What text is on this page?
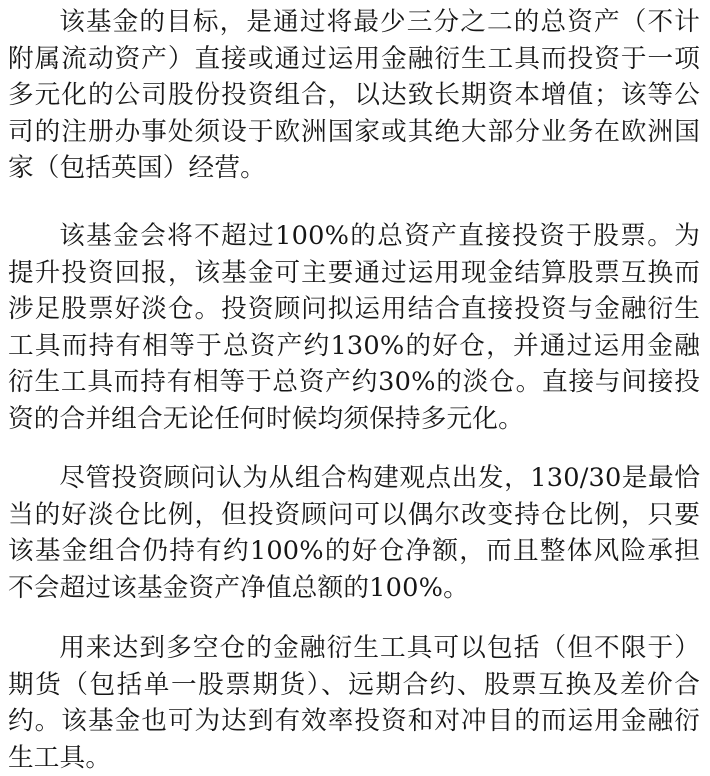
该基金的目标，是通过将最少三分之二的总资产（不计附属流动资产）直接或通过运用金融衍生工具而投资于一项多元化的公司股份投资组合，以达致长期资本增值；该等公司的注册办事处须设于欧洲国家或其绝大部分业务在欧洲国家（包括英国）经营。

该基金会将不超过100%的总资产直接投资于股票。为提升投资回报，该基金可主要通过运用现金结算股票互换而涉足股票好淡仓。投资顾问拟运用结合直接投资与金融衍生工具而持有相等于总资产约130%的好仓，并通过运用金融衍生工具而持有相等于总资产约30%的淡仓。直接与间接投资的合并组合无论任何时候均须保持多元化。

尽管投资顾问认为从组合构建观点出发，130/30是最恰当的好淡仓比例，但投资顾问可以偶尔改变持仓比例，只要该基金组合仍持有约100%的好仓净额，而且整体风险承担不会超过该基金资产净值总额的100%。

用来达到多空仓的金融衍生工具可以包括（但不限于）期货（包括单一股票期货）、远期合约、股票互换及差价合约。该基金也可为达到有效率投资和对冲目的而运用金融衍生工具。
